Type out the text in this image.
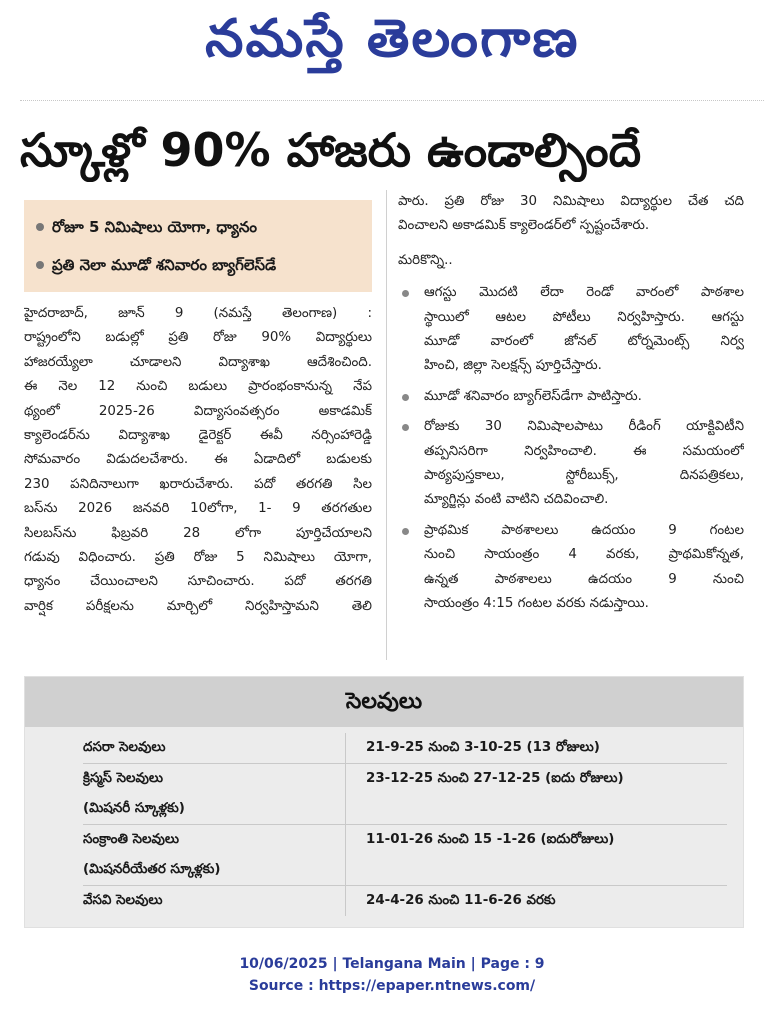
నమస్తే తెలంగాణ
స్కూళ్లో 90% హాజరు ఉండాల్సిందే
రోజూ 5 నిమిషాలు యోగా, ధ్యానం
ప్రతి నెలా మూడో శనివారం బ్యాగ్‌లెస్‌డే
హైదరాబాద్, జూన్ 9 (నమస్తే తెలంగాణ) :
రాష్ట్రంలోని బడుల్లో ప్రతి రోజు 90% విద్యార్థులు
హాజరయ్యేలా చూడాలని విద్యాశాఖ ఆదేశించింది.
ఈ నెల 12 నుంచి బడులు ప్రారంభంకానున్న నేప
థ్యంలో 2025-26 విద్యాసంవత్సరం అకాడమిక్
క్యాలెండర్‌ను విద్యాశాఖ డైరెక్టర్ ఈవీ నర్సింహారెడ్డి
సోమవారం విడుదలచేశారు. ఈ ఏడాదిలో బడులకు
230 పనిదినాలుగా ఖరారుచేశారు. పదో తరగతి సిల
బస్‌ను 2026 జనవరి 10లోగా, 1- 9 తరగతుల
సిలబస్‌ను ఫిబ్రవరి 28 లోగా పూర్తిచేయాలని
గడువు విధించారు. ప్రతి రోజు 5 నిమిషాలు యోగా,
ధ్యానం చేయించాలని సూచించారు. పదో తరగతి
వార్షిక పరీక్షలను మార్చిలో నిర్వహిస్తామని తెలి
పారు. ప్రతి రోజు 30 నిమిషాలు విద్యార్థుల చేత చది
వించాలని అకాడమిక్ క్యాలెండర్‌లో స్పష్టంచేశారు.
మరికొన్ని..
ఆగస్టు మొదటి లేదా రెండో వారంలో పాఠశాల
స్థాయిలో ఆటల పోటీలు నిర్వహిస్తారు. ఆగస్టు
మూడో వారంలో జోనల్ టోర్నమెంట్స్ నిర్వ
హించి, జిల్లా సెలక్షన్స్ పూర్తిచేస్తారు.
మూడో శనివారం బ్యాగ్‌లెస్‌డేగా పాటిస్తారు.
రోజుకు 30 నిమిషాలపాటు రీడింగ్ యాక్టివిటీని
తప్పనిసరిగా నిర్వహించాలి. ఈ సమయంలో
పాఠ్యపుస్తకాలు, స్టోరీబుక్స్, దినపత్రికలు,
మ్యాగ్జిన్లు వంటి వాటిని చదివించాలి.
ప్రాథమిక పాఠశాలలు ఉదయం 9 గంటల
నుంచి సాయంత్రం 4 వరకు, ప్రాథమికోన్నత,
ఉన్నత పాఠశాలలు ఉదయం 9 నుంచి
సాయంత్రం 4:15 గంటల వరకు నడుస్తాయి.
సెలవులు
దసరా సెలవులు	21-9-25 నుంచి 3-10-25 (13 రోజులు)
క్రిస్మస్ సెలవులు	23-12-25 నుంచి 27-12-25 (ఐదు రోజులు)
(మిషనరీ స్కూళ్లకు)
సంక్రాంతి సెలవులు	11-01-26 నుంచి 15 -1-26 (ఐదురోజులు)
(మిషనరీయేతర స్కూళ్లకు)
వేసవి సెలవులు	24-4-26 నుంచి 11-6-26 వరకు
10/06/2025 | Telangana Main | Page : 9
Source : https://epaper.ntnews.com/
